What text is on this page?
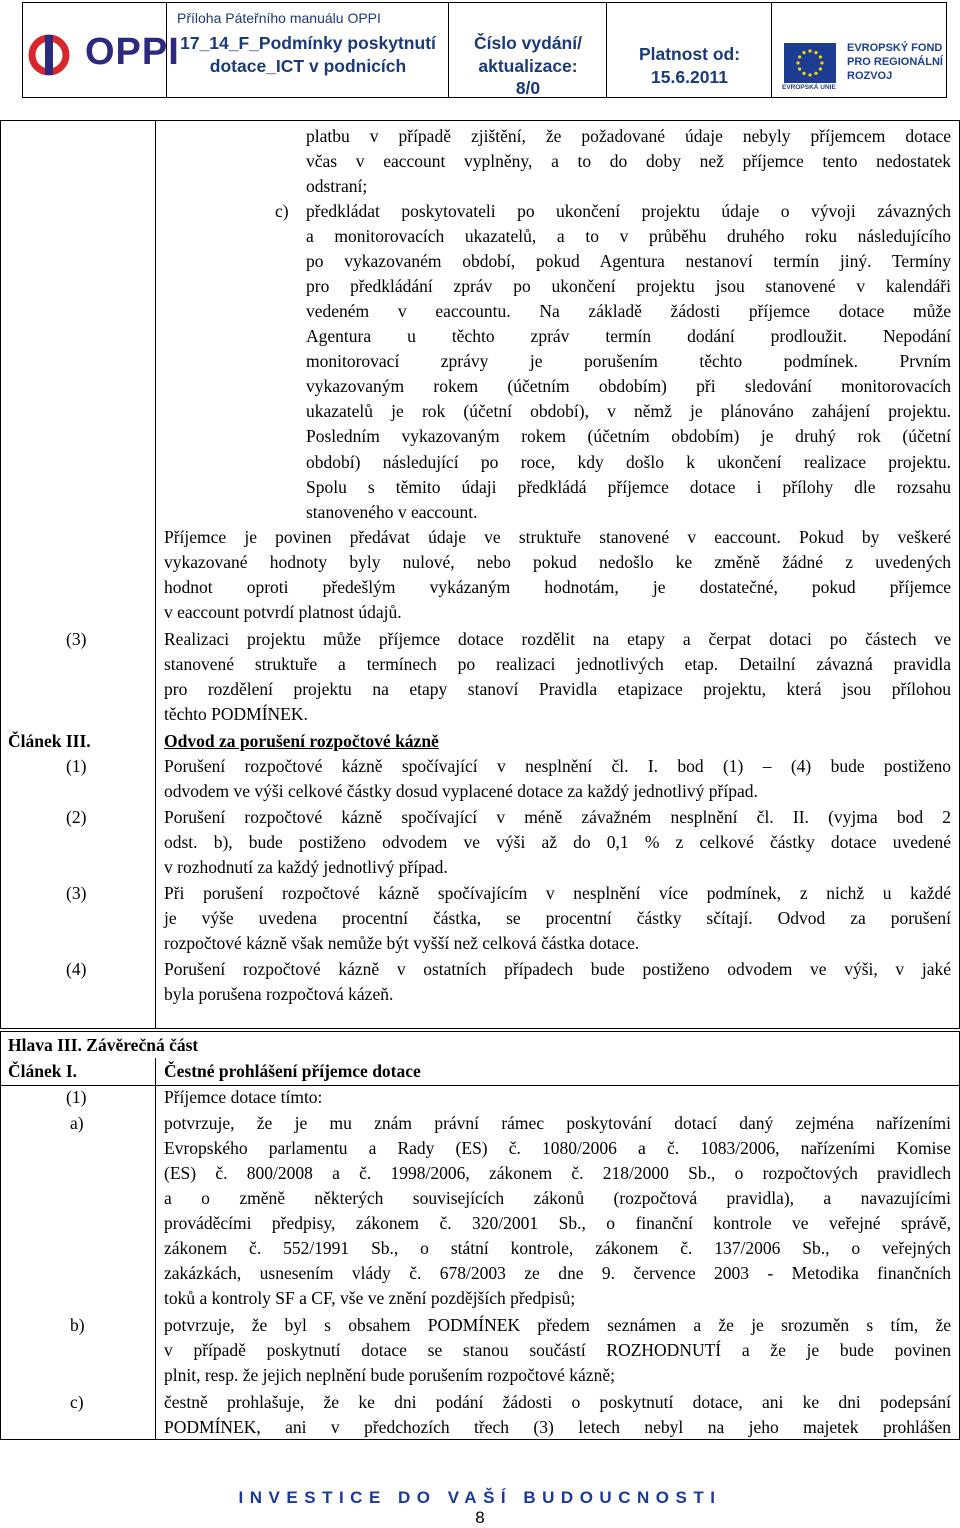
OPPI
Příloha Páteřního manuálu OPPI
17_14_F_Podmínky poskytnutí dotace_ICT v podnicích
Číslo vydání/ aktualizace:
8/0
Platnost od:
15.6.2011
EVROPSKÁ UNIE
EVROPSKÝ FOND
PRO REGIONÁLNÍ
ROZVOJ
platbu v případě zjištění, že požadované údaje nebyly příjemcem dotace
včas v eaccount vyplněny, a to do doby než příjemce tento nedostatek
odstraní;
c) předkládat poskytovateli po ukončení projektu údaje o vývoji závazných
a monitorovacích ukazatelů, a to v průběhu druhého roku následujícího
po vykazovaném období, pokud Agentura nestanoví termín jiný. Termíny
pro předkládání zpráv po ukončení projektu jsou stanovené v kalendáři
vedeném v eaccountu. Na základě žádosti příjemce dotace může
Agentura u těchto zpráv termín dodání prodloužit. Nepodání
monitorovací zprávy je porušením těchto podmínek. Prvním
vykazovaným rokem (účetním obdobím) při sledování monitorovacích
ukazatelů je rok (účetní období), v němž je plánováno zahájení projektu.
Posledním vykazovaným rokem (účetním obdobím) je druhý rok (účetní
období) následující po roce, kdy došlo k ukončení realizace projektu.
Spolu s těmito údaji předkládá příjemce dotace i přílohy dle rozsahu
stanoveného v eaccount.
Příjemce je povinen předávat údaje ve struktuře stanovené v eaccount. Pokud by veškeré
vykazované hodnoty byly nulové, nebo pokud nedošlo ke změně žádné z uvedených
hodnot oproti předešlým vykázaným hodnotám, je dostatečné, pokud příjemce
v eaccount potvrdí platnost údajů.
(3)	Realizaci projektu může příjemce dotace rozdělit na etapy a čerpat dotaci po částech ve
stanovené struktuře a termínech po realizaci jednotlivých etap. Detailní závazná pravidla
pro rozdělení projektu na etapy stanoví Pravidla etapizace projektu, která jsou přílohou
těchto PODMÍNEK.
Článek III.	Odvod za porušení rozpočtové kázně
(1)	Porušení rozpočtové kázně spočívající v nesplnění čl. I. bod (1) – (4) bude postiženo
odvodem ve výši celkové částky dosud vyplacené dotace za každý jednotlivý případ.
(2)	Porušení rozpočtové kázně spočívající v méně závažném nesplnění čl. II. (vyjma bod 2
odst. b), bude postiženo odvodem ve výši až do 0,1 % z celkové částky dotace uvedené
v rozhodnutí za každý jednotlivý případ.
(3)	Při porušení rozpočtové kázně spočívajícím v nesplnění více podmínek, z nichž u každé
je výše uvedena procentní částka, se procentní částky sčítají. Odvod za porušení
rozpočtové kázně však nemůže být vyšší než celková částka dotace.
(4)	Porušení rozpočtové kázně v ostatních případech bude postiženo odvodem ve výši, v jaké
byla porušena rozpočtová kázeň.
Hlava III. Závěrečná část
Článek I.	Čestné prohlášení příjemce dotace
(1)	Příjemce dotace tímto:
a)	potvrzuje, že je mu znám právní rámec poskytování dotací daný zejména nařízeními
Evropského parlamentu a Rady (ES) č. 1080/2006 a č. 1083/2006, nařízeními Komise
(ES) č. 800/2008 a č. 1998/2006, zákonem č. 218/2000 Sb., o rozpočtových pravidlech
a o změně některých souvisejících zákonů (rozpočtová pravidla), a navazujícími
prováděcími předpisy, zákonem č. 320/2001 Sb., o finanční kontrole ve veřejné správě,
zákonem č. 552/1991 Sb., o státní kontrole, zákonem č. 137/2006 Sb., o veřejných
zakázkách, usnesením vlády č. 678/2003 ze dne 9. července 2003 - Metodika finančních
toků a kontroly SF a CF, vše ve znění pozdějších předpisů;
b)	potvrzuje, že byl s obsahem PODMÍNEK předem seznámen a že je srozuměn s tím, že
v případě poskytnutí dotace se stanou součástí ROZHODNUTÍ a že je bude povinen
plnit, resp. že jejich neplnění bude porušením rozpočtové kázně;
c)	čestně prohlašuje, že ke dni podání žádosti o poskytnutí dotace, ani ke dni podepsání
PODMÍNEK, ani v předchozích třech (3) letech nebyl na jeho majetek prohlášen
INVESTICE DO VAŠÍ BUDOUCNOSTI
8
